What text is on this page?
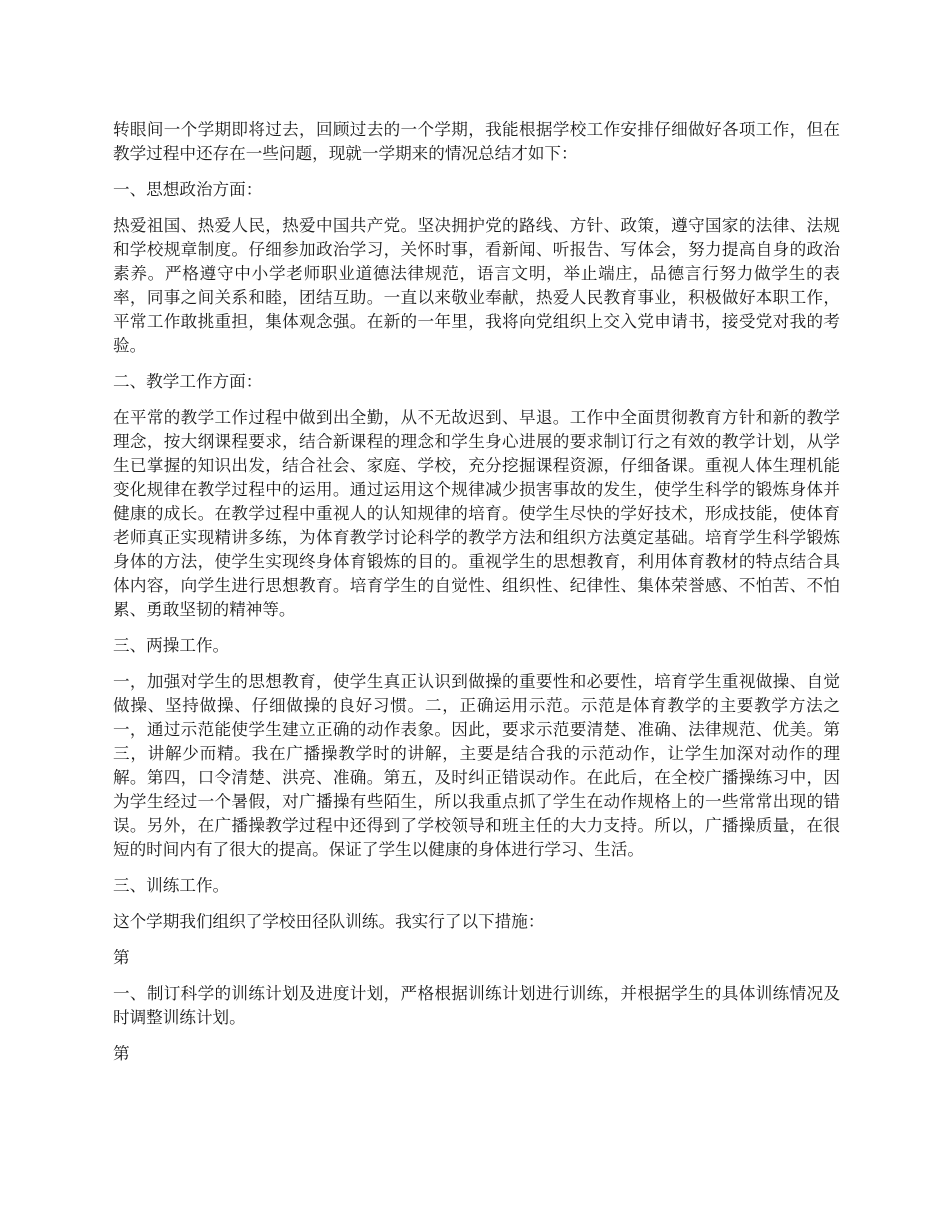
转眼间一个学期即将过去，回顾过去的一个学期，我能根据学校工作安排仔细做好各项工作，但在教学过程中还存在一些问题，现就一学期来的情况总结才如下：

一、思想政治方面：

热爱祖国、热爱人民，热爱中国共产党。坚决拥护党的路线、方针、政策，遵守国家的法律、法规和学校规章制度。仔细参加政治学习，关怀时事，看新闻、听报告、写体会，努力提高自身的政治素养。严格遵守中小学老师职业道德法律规范，语言文明，举止端庄，品德言行努力做学生的表率，同事之间关系和睦，团结互助。一直以来敬业奉献，热爱人民教育事业，积极做好本职工作，平常工作敢挑重担，集体观念强。在新的一年里，我将向党组织上交入党申请书，接受党对我的考验。

二、教学工作方面：

在平常的教学工作过程中做到出全勤，从不无故迟到、早退。工作中全面贯彻教育方针和新的教学理念，按大纲课程要求，结合新课程的理念和学生身心进展的要求制订行之有效的教学计划，从学生已掌握的知识出发，结合社会、家庭、学校，充分挖掘课程资源，仔细备课。重视人体生理机能变化规律在教学过程中的运用。通过运用这个规律减少损害事故的发生，使学生科学的锻炼身体并健康的成长。在教学过程中重视人的认知规律的培育。使学生尽快的学好技术，形成技能，使体育老师真正实现精讲多练，为体育教学讨论科学的教学方法和组织方法奠定基础。培育学生科学锻炼身体的方法，使学生实现终身体育锻炼的目的。重视学生的思想教育，利用体育教材的特点结合具体内容，向学生进行思想教育。培育学生的自觉性、组织性、纪律性、集体荣誉感、不怕苦、不怕累、勇敢坚韧的精神等。

三、两操工作。

一，加强对学生的思想教育，使学生真正认识到做操的重要性和必要性，培育学生重视做操、自觉做操、坚持做操、仔细做操的良好习惯。二，正确运用示范。示范是体育教学的主要教学方法之一，通过示范能使学生建立正确的动作表象。因此，要求示范要清楚、准确、法律规范、优美。第三，讲解少而精。我在广播操教学时的讲解，主要是结合我的示范动作，让学生加深对动作的理解。第四，口令清楚、洪亮、准确。第五，及时纠正错误动作。在此后，在全校广播操练习中，因为学生经过一个暑假，对广播操有些陌生，所以我重点抓了学生在动作规格上的一些常常出现的错误。另外，在广播操教学过程中还得到了学校领导和班主任的大力支持。所以，广播操质量，在很短的时间内有了很大的提高。保证了学生以健康的身体进行学习、生活。

三、训练工作。

这个学期我们组织了学校田径队训练。我实行了以下措施：

第

一、制订科学的训练计划及进度计划，严格根据训练计划进行训练，并根据学生的具体训练情况及时调整训练计划。

第
